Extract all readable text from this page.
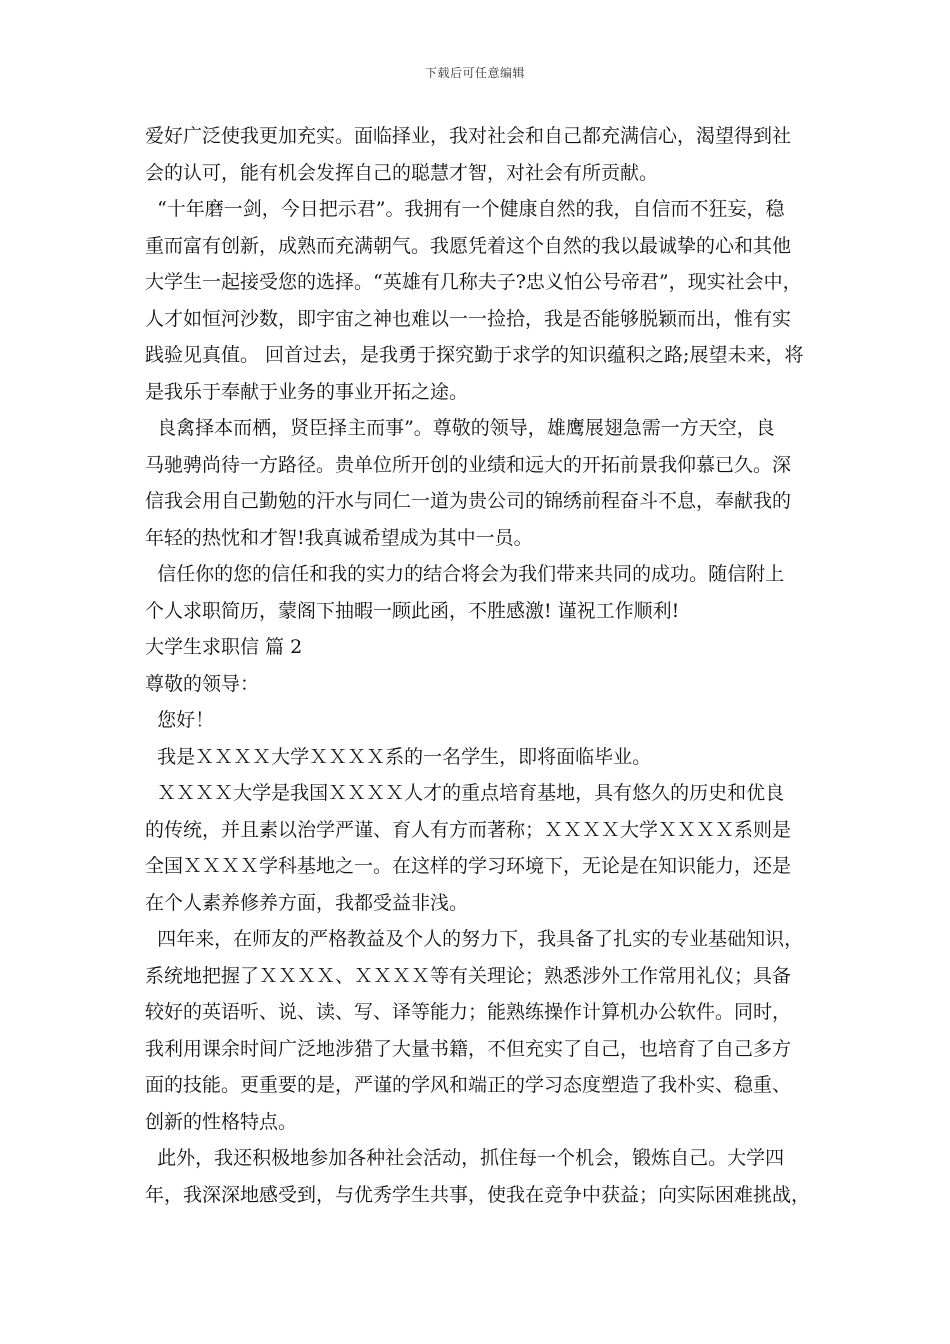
下载后可任意编辑
爱好广泛使我更加充实。面临择业，我对社会和自己都充满信心，渴望得到社
会的认可，能有机会发挥自己的聪慧才智，对社会有所贡献。
“十年磨一剑，今日把示君”。我拥有一个健康自然的我，自信而不狂妄，稳
重而富有创新，成熟而充满朝气。我愿凭着这个自然的我以最诚挚的心和其他
大学生一起接受您的选择。“英雄有几称夫子?忠义怕公号帝君”，现实社会中，
人才如恒河沙数，即宇宙之神也难以一一捡拾，我是否能够脱颖而出，惟有实
践验见真值。 回首过去，是我勇于探究勤于求学的知识蕴积之路;展望未来，将
是我乐于奉献于业务的事业开拓之途。
良禽择本而栖，贤臣择主而事”。尊敬的领导，雄鹰展翅急需一方天空，良
马驰骋尚待一方路径。贵单位所开创的业绩和远大的开拓前景我仰慕已久。深
信我会用自己勤勉的汗水与同仁一道为贵公司的锦绣前程奋斗不息，奉献我的
年轻的热忱和才智!我真诚希望成为其中一员。
信任你的您的信任和我的实力的结合将会为我们带来共同的成功。随信附上
个人求职简历，蒙阁下抽暇一顾此函，不胜感激! 谨祝工作顺利!
大学生求职信 篇 2
尊敬的领导：
您好！
我是ＸＸＸＸ大学ＸＸＸＸ系的一名学生，即将面临毕业。
ＸＸＸＸ大学是我国ＸＸＸＸ人才的重点培育基地，具有悠久的历史和优良
的传统，并且素以治学严谨、育人有方而著称；ＸＸＸＸ大学ＸＸＸＸ系则是
全国ＸＸＸＸ学科基地之一。在这样的学习环境下，无论是在知识能力，还是
在个人素养修养方面，我都受益非浅。
四年来，在师友的严格教益及个人的努力下，我具备了扎实的专业基础知识，
系统地把握了ＸＸＸＸ、ＸＸＸＸ等有关理论；熟悉涉外工作常用礼仪；具备
较好的英语听、说、读、写、译等能力；能熟练操作计算机办公软件。同时，
我利用课余时间广泛地涉猎了大量书籍，不但充实了自己，也培育了自己多方
面的技能。更重要的是，严谨的学风和端正的学习态度塑造了我朴实、稳重、
创新的性格特点。
此外，我还积极地参加各种社会活动，抓住每一个机会，锻炼自己。大学四
年，我深深地感受到，与优秀学生共事，使我在竞争中获益；向实际困难挑战，
